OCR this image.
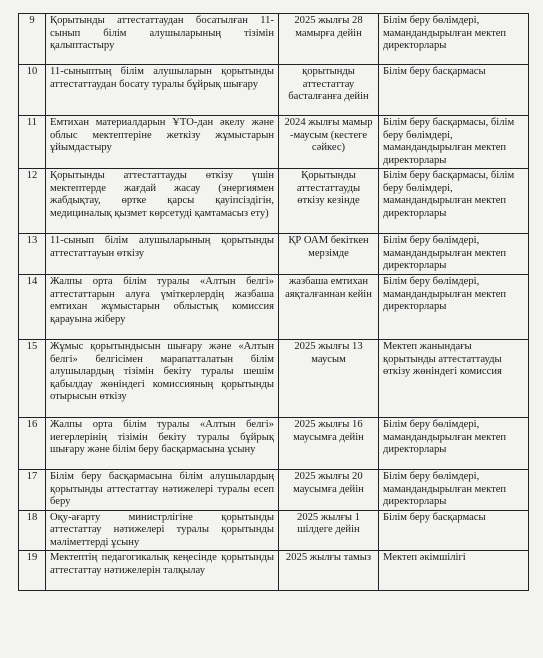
9	Қорытынды аттестаттаудан босатылған 11-сынып білім алушыларының тізімін қалыптастыру	2025 жылғы 28 мамырға дейін	Білім беру бөлімдері, мамандандырылған мектеп директорлары
10	11-сыныптың білім алушыларын қорытынды аттестаттаудан босату туралы бұйрық шығару	қорытынды аттестаттау басталғанға дейін	Білім беру басқармасы
11	Емтихан материалдарын ҰТО-дан әкелу және облыс мектептеріне жеткізу жұмыстарын ұйымдастыру	2024 жылғы мамыр -маусым (кестеге сәйкес)	Білім беру басқармасы, білім беру бөлімдері, мамандандырылған мектеп директорлары
12	Қорытынды аттестаттауды өткізу үшін мектептерде жағдай жасау (энергиямен жабдықтау, өртке қарсы қауіпсіздігін, медициналық қызмет көрсетуді қамтамасыз ету)	Қорытынды аттестаттауды өткізу кезінде	Білім беру басқармасы, білім беру бөлімдері, мамандандырылған мектеп директорлары
13	11-сынып білім алушыларының қорытынды аттестаттауын өткізу	ҚР ОАМ бекіткен мерзімде	Білім беру бөлімдері, мамандандырылған мектеп директорлары
14	Жалпы орта білім туралы «Алтын белгі» аттестаттарын алуға үміткерлердің жазбаша емтихан жұмыстарын облыстық комиссия қарауына жіберу	жазбаша емтихан аяқталғаннан кейін	Білім беру бөлімдері, мамандандырылған мектеп директорлары
15	Жұмыс қорытындысын шығару және «Алтын белгі» белгісімен марапатталатын білім алушылардың тізімін бекіту туралы шешім қабылдау жөніндегі комиссияның қорытынды отырысын өткізу	2025 жылғы 13 маусым	Мектеп жанындағы қорытынды аттестаттауды өткізу жөніндегі комиссия
16	Жалпы орта білім туралы «Алтын белгі» иегерлерінің тізімін бекіту туралы бұйрық шығару және білім беру басқармасына ұсыну	2025 жылғы 16 маусымға дейін	Білім беру бөлімдері, мамандандырылған мектеп директорлары
17	Білім беру басқармасына білім алушылардың қорытынды аттестаттау нәтижелері туралы есеп беру	2025 жылғы 20 маусымға дейін	Білім беру бөлімдері, мамандандырылған мектеп директорлары
18	Оқу-ағарту министрлігіне қорытынды аттестаттау нәтижелері туралы қорытынды мәліметтерді ұсыну	2025 жылғы 1 шілдеге дейін	Білім беру басқармасы
19	Мектептің педагогикалық кеңесінде қорытынды аттестаттау нәтижелерін талқылау	2025 жылғы тамыз	Мектеп әкімшілігі
